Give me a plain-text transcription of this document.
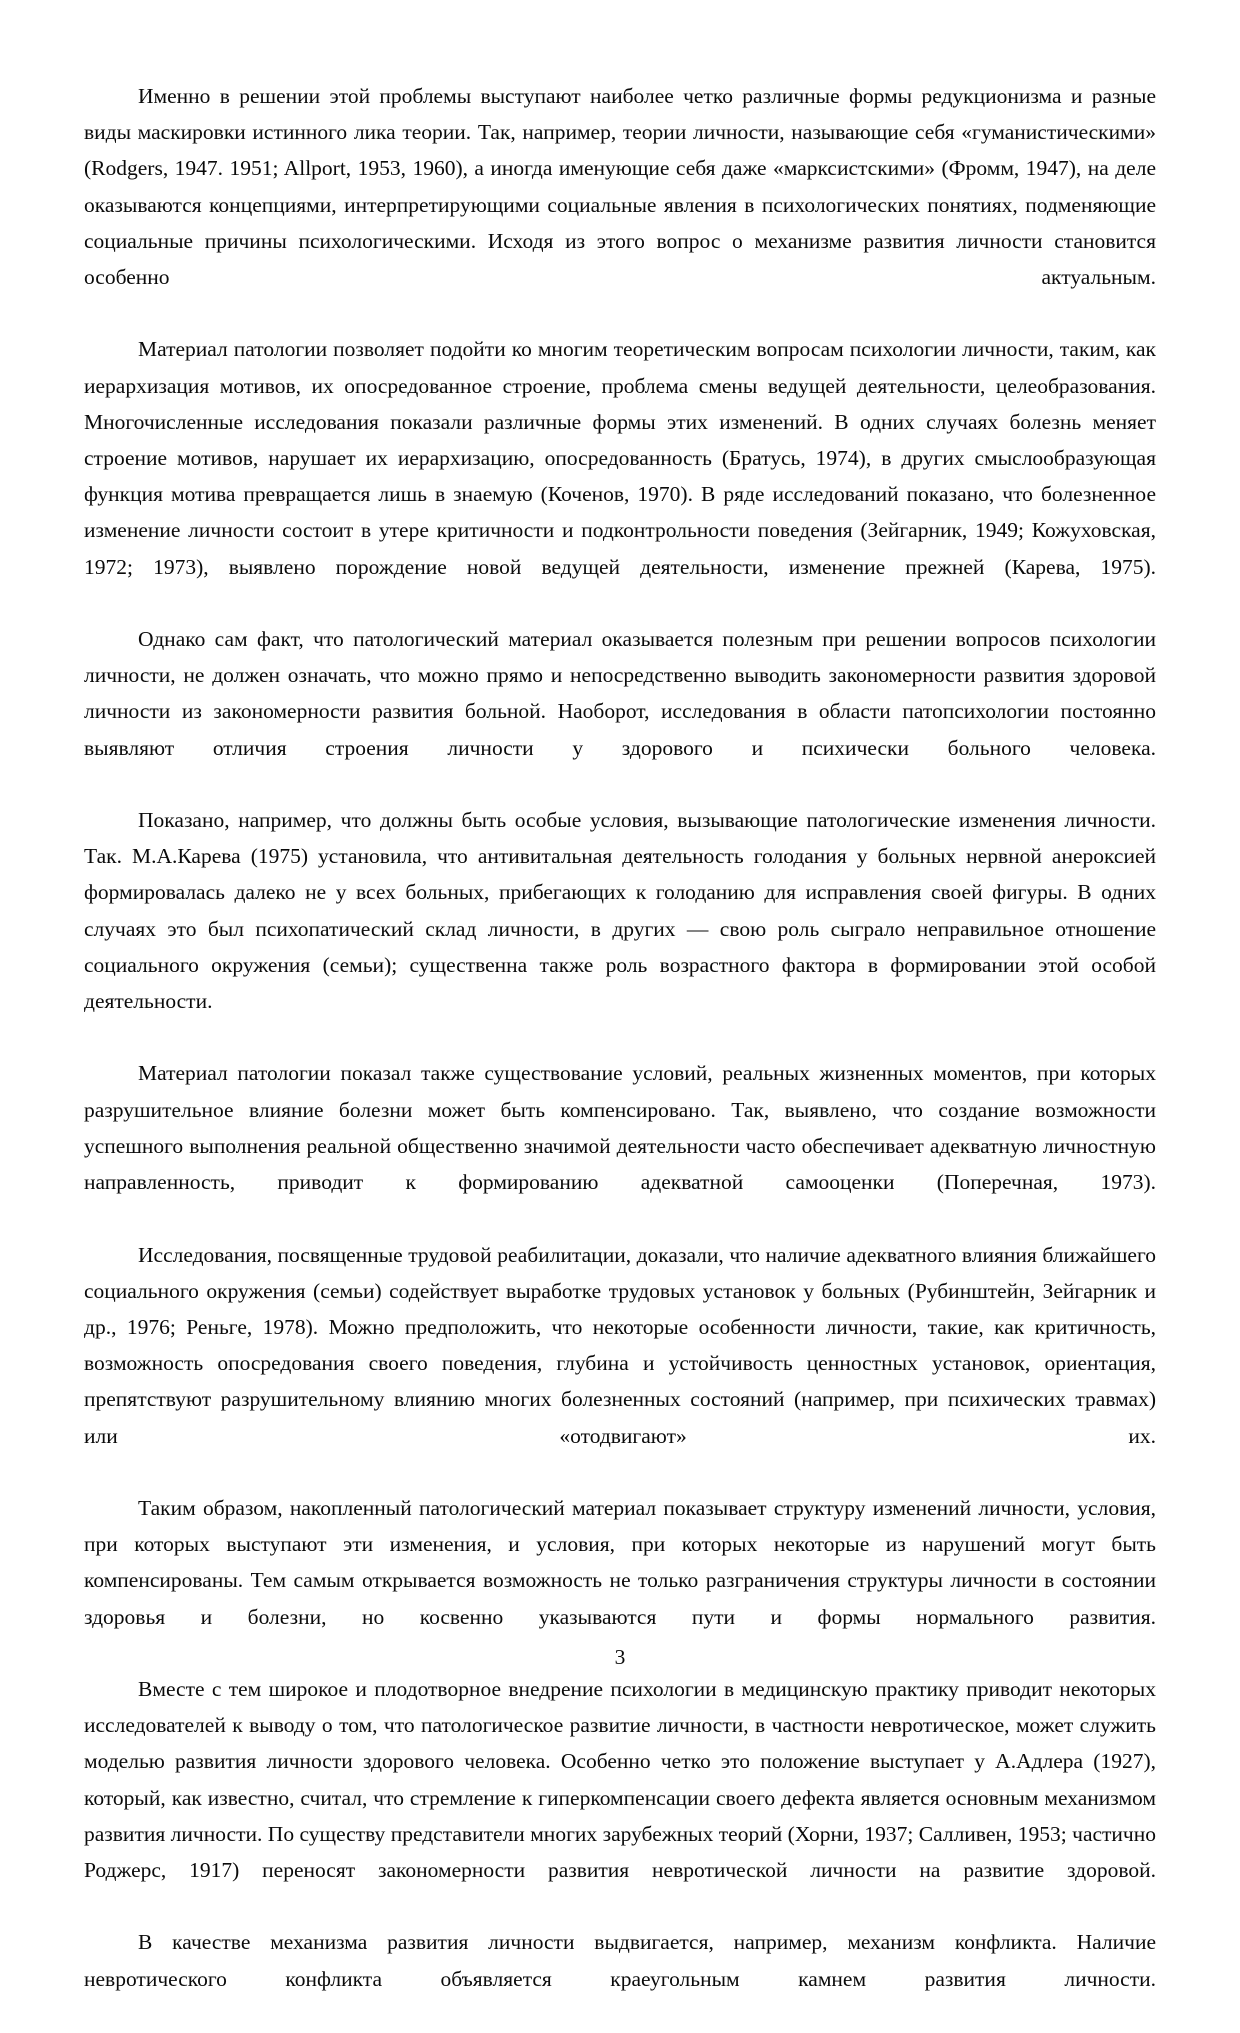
Именно в решении этой проблемы выступают наиболее четко различные формы редукционизма и разные виды маскировки истинного лика теории. Так, например, теории личности, называющие себя «гуманистическими» (Rodgers, 1947. 1951; Allport, 1953, 1960), а иногда именующие себя даже «марксистскими» (Фромм, 1947), на деле оказываются концепциями, интерпретирующими социальные явления в психологических понятиях, подменяющие социальные причины психологическими. Исходя из этого вопрос о механизме развития личности становится особенно актуальным.

Материал патологии позволяет подойти ко многим теоретическим вопросам психологии личности, таким, как иерархизация мотивов, их опосредованное строение, проблема смены ведущей деятельности, целеобразования. Многочисленные исследования показали различные формы этих изменений. В одних случаях болезнь меняет строение мотивов, нарушает их иерархизацию, опосредованность (Братусь, 1974), в других смыслообразующая функция мотива превращается лишь в знаемую (Коченов, 1970). В ряде исследований показано, что болезненное изменение личности состоит в утере критичности и подконтрольности поведения (Зейгарник, 1949; Кожуховская, 1972; 1973), выявлено порождение новой ведущей деятельности, изменение прежней (Карева, 1975).

Однако сам факт, что патологический материал оказывается полезным при решении вопросов психологии личности, не должен означать, что можно прямо и непосредственно выводить закономерности развития здоровой личности из закономерности развития больной. Наоборот, исследования в области патопсихологии постоянно выявляют отличия строения личности у здорового и психически больного человека.

Показано, например, что должны быть особые условия, вызывающие патологические изменения личности. Так. М.А.Карева (1975) установила, что антивитальная деятельность голодания у больных нервной анероксией формировалась далеко не у всех больных, прибегающих к голоданию для исправления своей фигуры. В одних случаях это был психопатический склад личности, в других — свою роль сыграло неправильное отношение социального окружения (семьи); существенна также роль возрастного фактора в формировании этой особой деятельности.

Материал патологии показал также существование условий, реальных жизненных моментов, при которых разрушительное влияние болезни может быть компенсировано. Так, выявлено, что создание возможности успешного выполнения реальной общественно значимой деятельности часто обеспечивает адекватную личностную направленность, приводит к формированию адекватной самооценки (Поперечная, 1973).

Исследования, посвященные трудовой реабилитации, доказали, что наличие адекватного влияния ближайшего социального окружения (семьи) содействует выработке трудовых установок у больных (Рубинштейн, Зейгарник и др., 1976; Реньге, 1978). Можно предположить, что некоторые особенности личности, такие, как критичность, возможность опосредования своего поведения, глубина и устойчивость ценностных установок, ориентация, препятствуют разрушительному влиянию многих болезненных состояний (например, при психических травмах) или «отодвигают» их.

Таким образом, накопленный патологический материал показывает структуру изменений личности, условия, при которых выступают эти изменения, и условия, при которых некоторые из нарушений могут быть компенсированы. Тем самым открывается возможность не только разграничения структуры личности в состоянии здоровья и болезни, но косвенно указываются пути и формы нормального развития.

Вместе с тем широкое и плодотворное внедрение психологии в медицинскую практику приводит некоторых исследователей к выводу о том, что патологическое развитие личности, в частности невротическое, может служить моделью развития личности здорового человека. Особенно четко это положение выступает у А.Адлера (1927), который, как известно, считал, что стремление к гиперкомпенсации своего дефекта является основным механизмом развития личности. По существу представители многих зарубежных теорий (Хорни, 1937; Салливен, 1953; частично Роджерс, 1917) переносят закономерности развития невротической личности на развитие здоровой.

В качестве механизма развития личности выдвигается, например, механизм конфликта. Наличие невротического конфликта объявляется краеугольным камнем развития личности.

3
